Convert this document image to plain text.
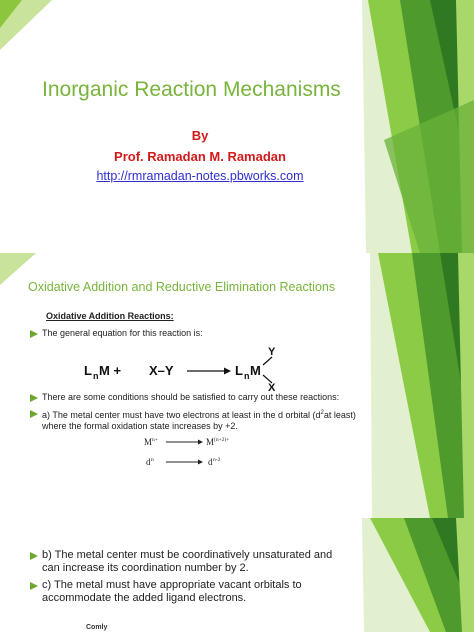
Inorganic Reaction Mechanisms
By
Prof. Ramadan M. Ramadan
http://rmramadan-notes.pbworks.com
Oxidative Addition and Reductive Elimination Reactions
Oxidative Addition Reactions:
The general equation for this reaction is:
L n M + X–Y	L n M
Y
X
There are some conditions should be satisfied to carry out these reactions:
a) The metal center must have two electrons at least in the d orbital ($d^2at$ least) where the formal oxidation state increases by +2.
M n+	M (n+2)+
d n	d n-2
b) The metal center must be coordinatively unsaturated and can increase its coordination number by 2.
c) The metal must have appropriate vacant orbitals to accommodate the added ligand electrons.
Comly
